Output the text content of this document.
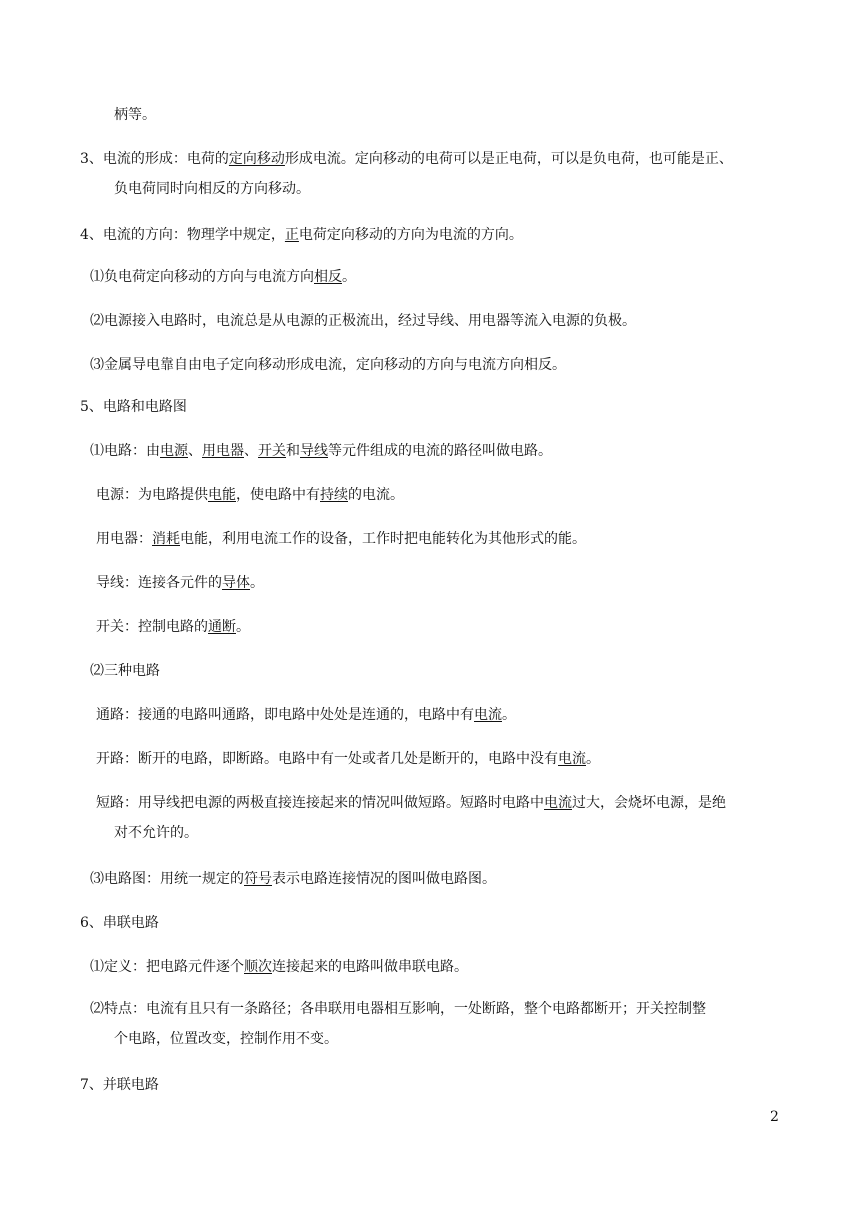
柄等。
3、电流的形成：电荷的定向移动形成电流。定向移动的电荷可以是正电荷，可以是负电荷，也可能是正、
负电荷同时向相反的方向移动。
4、电流的方向：物理学中规定，正电荷定向移动的方向为电流的方向。
⑴负电荷定向移动的方向与电流方向相反。
⑵电源接入电路时，电流总是从电源的正极流出，经过导线、用电器等流入电源的负极。
⑶金属导电靠自由电子定向移动形成电流，定向移动的方向与电流方向相反。
5、电路和电路图
⑴电路：由电源、用电器、开关和导线等元件组成的电流的路径叫做电路。
电源：为电路提供电能，使电路中有持续的电流。
用电器：消耗电能，利用电流工作的设备，工作时把电能转化为其他形式的能。
导线：连接各元件的导体。
开关：控制电路的通断。
⑵三种电路
通路：接通的电路叫通路，即电路中处处是连通的，电路中有电流。
开路：断开的电路，即断路。电路中有一处或者几处是断开的，电路中没有电流。
短路：用导线把电源的两极直接连接起来的情况叫做短路。短路时电路中电流过大，会烧坏电源，是绝
对不允许的。
⑶电路图：用统一规定的符号表示电路连接情况的图叫做电路图。
6、串联电路
⑴定义：把电路元件逐个顺次连接起来的电路叫做串联电路。
⑵特点：电流有且只有一条路径；各串联用电器相互影响，一处断路，整个电路都断开；开关控制整
个电路，位置改变，控制作用不变。
7、并联电路
2
